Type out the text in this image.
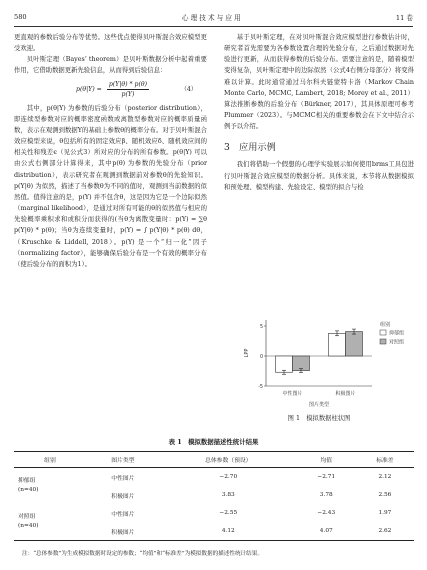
580	心 理 技 术 与 应 用	11 卷

更直观的参数后验分布等优势。这些优点使得贝叶斯混合效应模型更受欢迎。

贝叶斯定理（Bayes’ theorem）是贝叶斯数据分析中起着重要作用，它借助数据更新先验信息，从而得到后验信息：

$p(\theta|Y) = \frac{p(Y|\theta) * p(\theta)}{p(Y)}$	（4）

其中，p(θ|Y) 为参数的后验分布（posterior distribution），即连续型参数对应的概率密度函数或离散型参数对应的概率质量函数，表示在观测到数据Y的基础上参数θ的概率分布。对于贝叶斯混合效应模型来说，θ包括所有的固定效应β、随机效应δ、随机效应间的相关性和残差ϵ（见公式3）所对应的分布的所有参数。p(θ|Y) 可以由公式右侧部分计算得来，其中p(θ) 为参数的先验分布（prior distribution），表示研究者在观测到数据前对参数θ的先验知识。p(Y|θ) 为似然，描述了当参数θ为不同的值时，观测到当前数据的似然值。值得注意的是，p(Y) 并不包含θ，这是因为它是一个边际似然（marginal likelihood），是通过对所有可能的θ的似然值与相应的先验概率乘积求和或积分而获得的(当θ为离散变量时：p(Y) = ∑θ p(Y|θ) * p(θ)；当θ为连续变量时，p(Y) = ∫ p(Y|θ) * p(θ) dθ，（Kruschke & Liddell, 2018）。p(Y) 是一个“归一化”因子（normalizing factor），能够确保后验分布是一个有效的概率分布（使后验分布的面积为1）。

基于贝叶斯定理，在对贝叶斯混合效应模型进行参数估计时，研究者首先需要为各参数设置合理的先验分布，之后通过数据对先验进行更新，从而获得参数的后验分布。需要注意的是，随着模型变得复杂，贝叶斯定理中的边际似然（公式4右侧分母部分）将变得难以计算。此时通常通过马尔科夫链蒙特卡洛（Markov Chain Monte Carlo, MCMC, Lambert, 2018; Morey et al., 2011）算法推断参数的后验分布（Bürkner, 2017），其具体原理可参考Plummer（2023）。与MCMC相关的重要参数会在下文中结合示例予以介绍。

3  应用示例

我们将借助一个假想的心理学实验展示如何使用brms工具包进行贝叶斯混合效应模型的数据分析。具体来说，本节将从数据模拟和预处理、模型构建、先验设定、模型的拟合与检

-5
0
5
LPP
中性图片	积极图片
图片类型
组别
抑郁组
对照组
图 1　模拟数据柱状图
表 1　模拟数据描述性统计结果
组别	图片类型	总体参数（预设）	均值	标准差
抑郁组
(n=40)	中性图片	−2.70	−2.71	2.12
	积极图片	3.83	3.78	2.56
对照组
(n=40)	中性图片	−2.55	−2.43	1.97
	积极图片	4.12	4.07	2.62
注：“总体参数”为生成模拟数据时设定的参数；“均值”和“标准差”为模拟数据的描述性统计结果。
